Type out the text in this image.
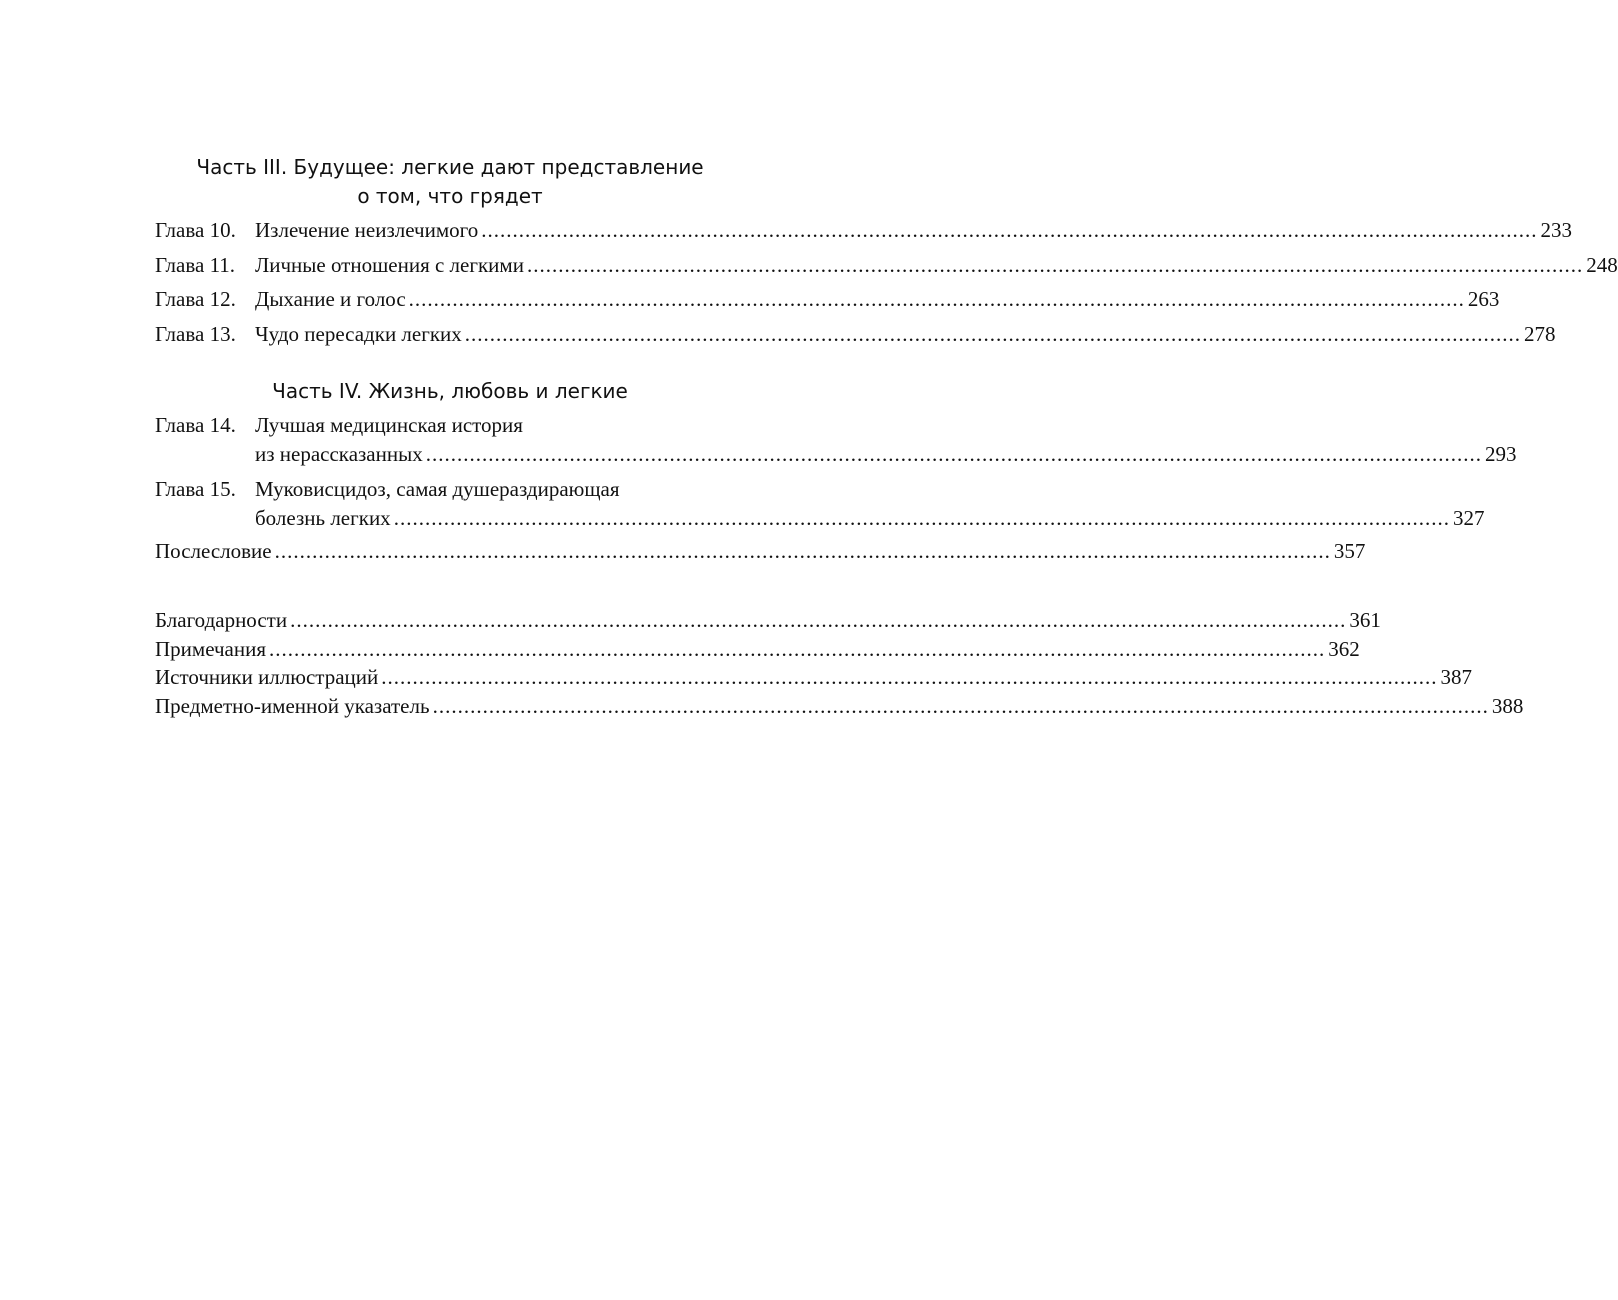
Часть III. Будущее: легкие дают представление
о том, что грядет
Глава 10. Излечение неизлечимого ......................................................................................................................................................................... 233
Глава 11. Личные отношения с легкими ......................................................................................................................................................................... 248
Глава 12. Дыхание и голос ......................................................................................................................................................................... 263
Глава 13. Чудо пересадки легких ......................................................................................................................................................................... 278
Часть IV. Жизнь, любовь и легкие
Глава 14. Лучшая медицинская история
из нерассказанных ......................................................................................................................................................................... 293
Глава 15. Муковисцидоз, самая душераздирающая
болезнь легких ......................................................................................................................................................................... 327
Послесловие ......................................................................................................................................................................... 357
Благодарности ......................................................................................................................................................................... 361
Примечания ......................................................................................................................................................................... 362
Источники иллюстраций ......................................................................................................................................................................... 387
Предметно-именной указатель ......................................................................................................................................................................... 388
